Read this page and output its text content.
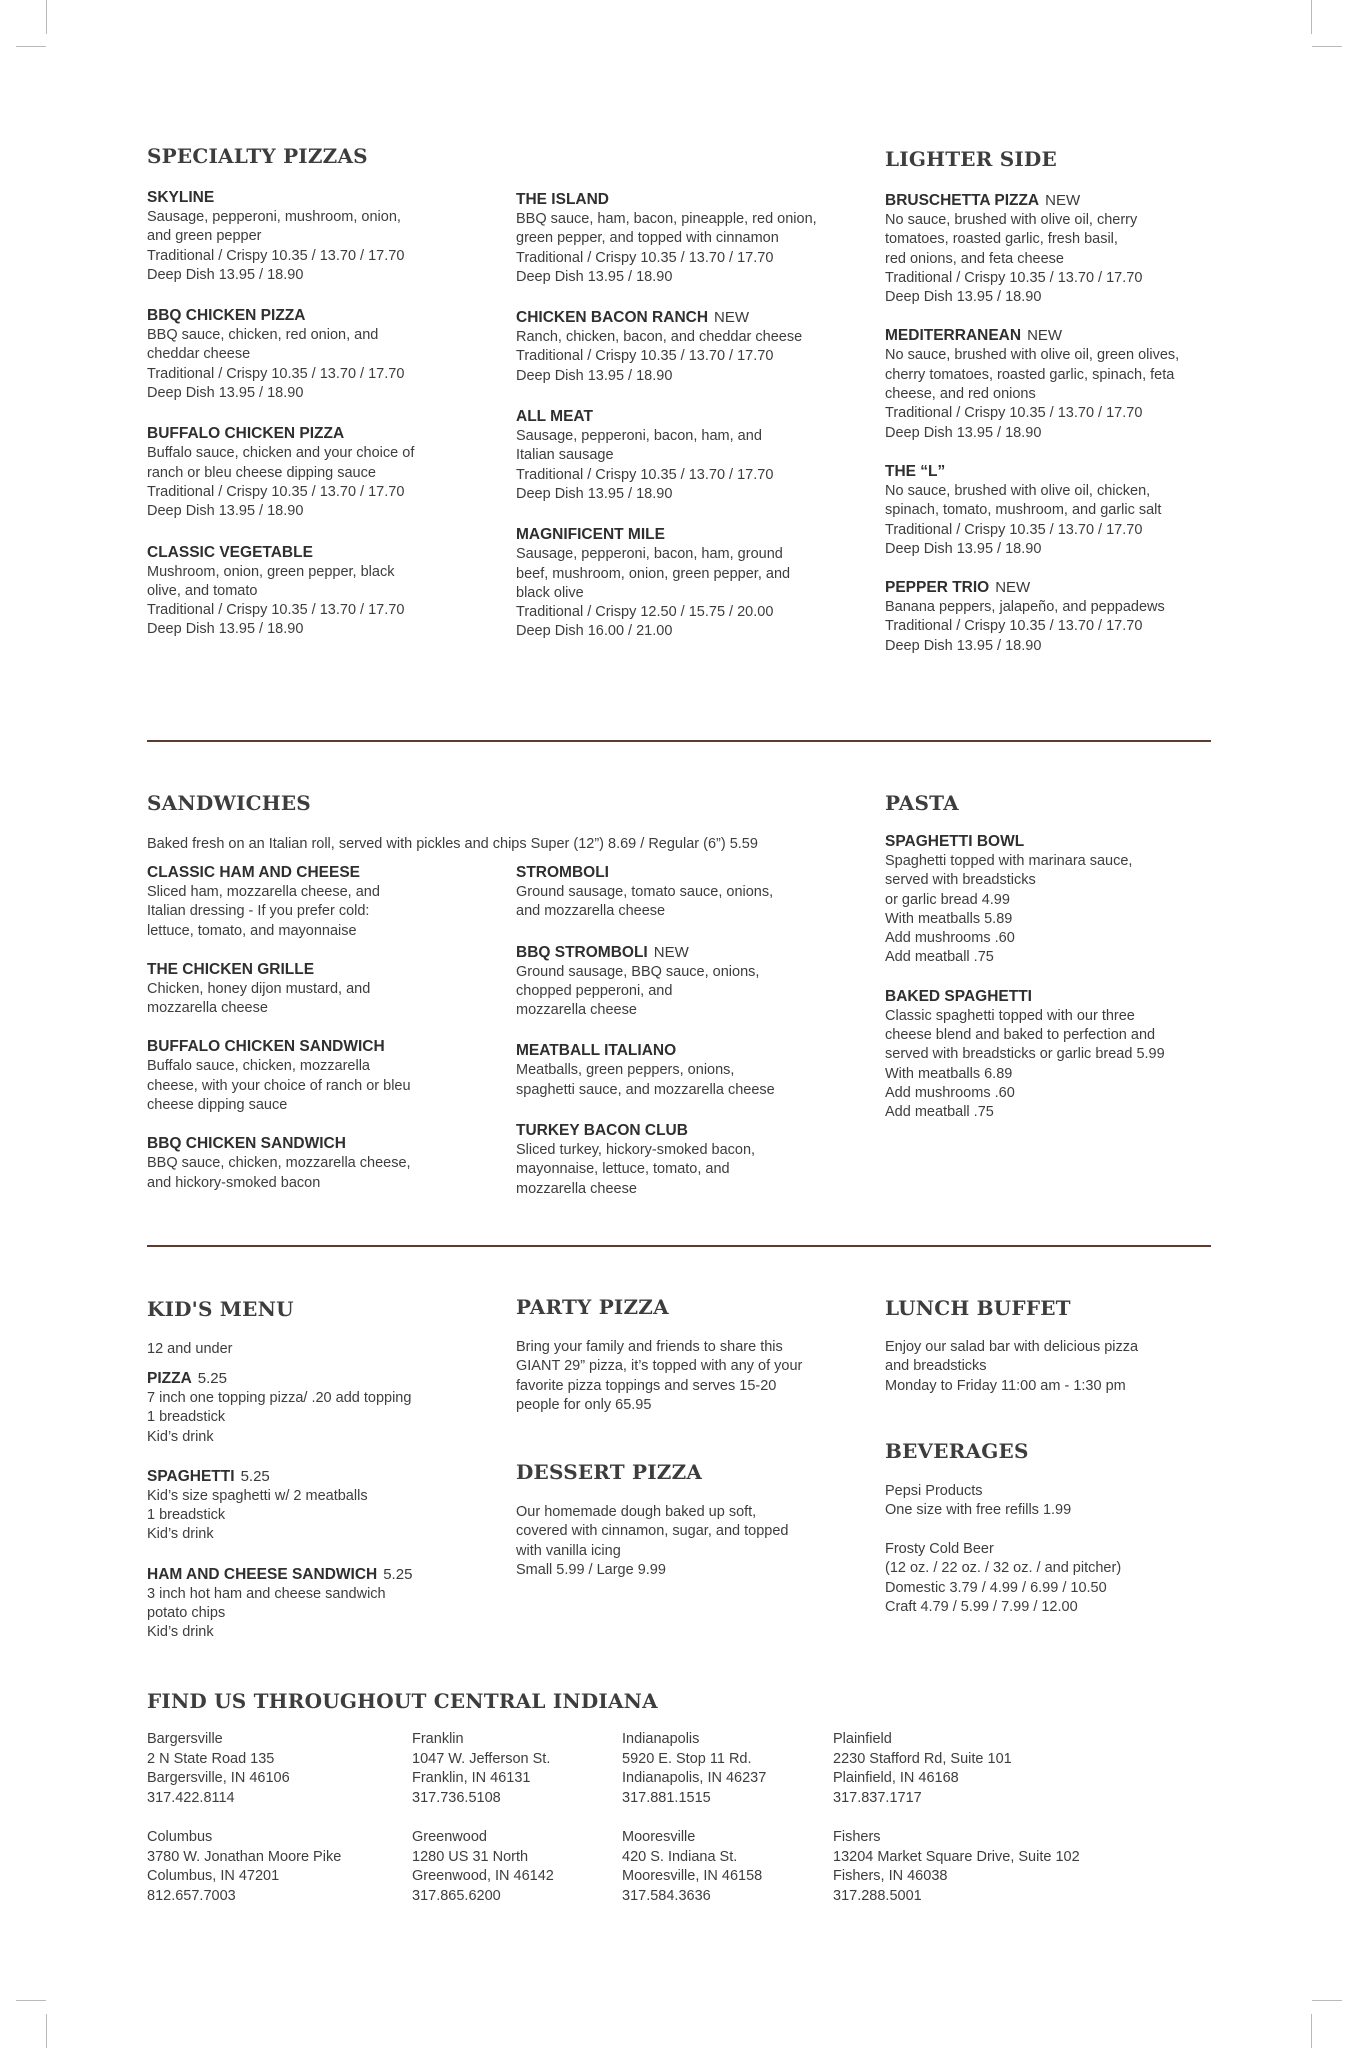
SPECIALTY PIZZAS
SKYLINE
Sausage, pepperoni, mushroom, onion,
and green pepper
Traditional / Crispy 10.35 / 13.70 / 17.70
Deep Dish 13.95 / 18.90
BBQ CHICKEN PIZZA
BBQ sauce, chicken, red onion, and
cheddar cheese
Traditional / Crispy 10.35 / 13.70 / 17.70
Deep Dish 13.95 / 18.90
BUFFALO CHICKEN PIZZA
Buffalo sauce, chicken and your choice of
ranch or bleu cheese dipping sauce
Traditional / Crispy 10.35 / 13.70 / 17.70
Deep Dish 13.95 / 18.90
CLASSIC VEGETABLE
Mushroom, onion, green pepper, black
olive, and tomato
Traditional / Crispy 10.35 / 13.70 / 17.70
Deep Dish 13.95 / 18.90
THE ISLAND
BBQ sauce, ham, bacon, pineapple, red onion,
green pepper, and topped with cinnamon
Traditional / Crispy 10.35 / 13.70 / 17.70
Deep Dish 13.95 / 18.90
CHICKEN BACON RANCH NEW
Ranch, chicken, bacon, and cheddar cheese
Traditional / Crispy 10.35 / 13.70 / 17.70
Deep Dish 13.95 / 18.90
ALL MEAT
Sausage, pepperoni, bacon, ham, and
Italian sausage
Traditional / Crispy 10.35 / 13.70 / 17.70
Deep Dish 13.95 / 18.90
MAGNIFICENT MILE
Sausage, pepperoni, bacon, ham, ground
beef, mushroom, onion, green pepper, and
black olive
Traditional / Crispy 12.50 / 15.75 / 20.00
Deep Dish 16.00 / 21.00
LIGHTER SIDE
BRUSCHETTA PIZZA NEW
No sauce, brushed with olive oil, cherry
tomatoes, roasted garlic, fresh basil,
red onions, and feta cheese
Traditional / Crispy 10.35 / 13.70 / 17.70
Deep Dish 13.95 / 18.90
MEDITERRANEAN NEW
No sauce, brushed with olive oil, green olives,
cherry tomatoes, roasted garlic, spinach, feta
cheese, and red onions
Traditional / Crispy 10.35 / 13.70 / 17.70
Deep Dish 13.95 / 18.90
THE “L”
No sauce, brushed with olive oil, chicken,
spinach, tomato, mushroom, and garlic salt
Traditional / Crispy 10.35 / 13.70 / 17.70
Deep Dish 13.95 / 18.90
PEPPER TRIO NEW
Banana peppers, jalapeño, and peppadews
Traditional / Crispy 10.35 / 13.70 / 17.70
Deep Dish 13.95 / 18.90
SANDWICHES

Baked fresh on an Italian roll, served with pickles and chips Super (12”) 8.69 / Regular (6”) 5.59

CLASSIC HAM AND CHEESE
Sliced ham, mozzarella cheese, and
Italian dressing - If you prefer cold:
lettuce, tomato, and mayonnaise
THE CHICKEN GRILLE
Chicken, honey dijon mustard, and
mozzarella cheese
BUFFALO CHICKEN SANDWICH
Buffalo sauce, chicken, mozzarella
cheese, with your choice of ranch or bleu
cheese dipping sauce
BBQ CHICKEN SANDWICH
BBQ sauce, chicken, mozzarella cheese,
and hickory-smoked bacon
STROMBOLI
Ground sausage, tomato sauce, onions,
and mozzarella cheese
BBQ STROMBOLI NEW
Ground sausage, BBQ sauce, onions,
chopped pepperoni, and
mozzarella cheese
MEATBALL ITALIANO
Meatballs, green peppers, onions,
spaghetti sauce, and mozzarella cheese
TURKEY BACON CLUB
Sliced turkey, hickory-smoked bacon,
mayonnaise, lettuce, tomato, and
mozzarella cheese
PASTA
SPAGHETTI BOWL
Spaghetti topped with marinara sauce,
served with breadsticks
or garlic bread 4.99
With meatballs 5.89
Add mushrooms .60
Add meatball .75
BAKED SPAGHETTI
Classic spaghetti topped with our three
cheese blend and baked to perfection and
served with breadsticks or garlic bread 5.99
With meatballs 6.89
Add mushrooms .60
Add meatball .75
KID'S MENU

12 and under

PIZZA 5.25
7 inch one topping pizza/ .20 add topping
1 breadstick
Kid’s drink
SPAGHETTI 5.25
Kid’s size spaghetti w/ 2 meatballs
1 breadstick
Kid’s drink
HAM AND CHEESE SANDWICH 5.25
3 inch hot ham and cheese sandwich
potato chips
Kid’s drink
PARTY PIZZA
Bring your family and friends to share this
GIANT 29” pizza, it’s topped with any of your
favorite pizza toppings and serves 15-20
people for only 65.95
DESSERT PIZZA
Our homemade dough baked up soft,
covered with cinnamon, sugar, and topped
with vanilla icing
Small 5.99 / Large 9.99
LUNCH BUFFET
Enjoy our salad bar with delicious pizza
and breadsticks
Monday to Friday 11:00 am - 1:30 pm
BEVERAGES
Pepsi Products
One size with free refills 1.99
Frosty Cold Beer
(12 oz. / 22 oz. / 32 oz. / and pitcher)
Domestic 3.79 / 4.99 / 6.99 / 10.50
Craft 4.79 / 5.99 / 7.99 / 12.00
FIND US THROUGHOUT CENTRAL INDIANA
Bargersville
2 N State Road 135
Bargersville, IN 46106
317.422.8114
Columbus
3780 W. Jonathan Moore Pike
Columbus, IN 47201
812.657.7003
Franklin
1047 W. Jefferson St.
Franklin, IN 46131
317.736.5108
Greenwood
1280 US 31 North
Greenwood, IN 46142
317.865.6200
Indianapolis
5920 E. Stop 11 Rd.
Indianapolis, IN 46237
317.881.1515
Mooresville
420 S. Indiana St.
Mooresville, IN 46158
317.584.3636
Plainfield
2230 Stafford Rd, Suite 101
Plainfield, IN 46168
317.837.1717
Fishers
13204 Market Square Drive, Suite 102
Fishers, IN 46038
317.288.5001
